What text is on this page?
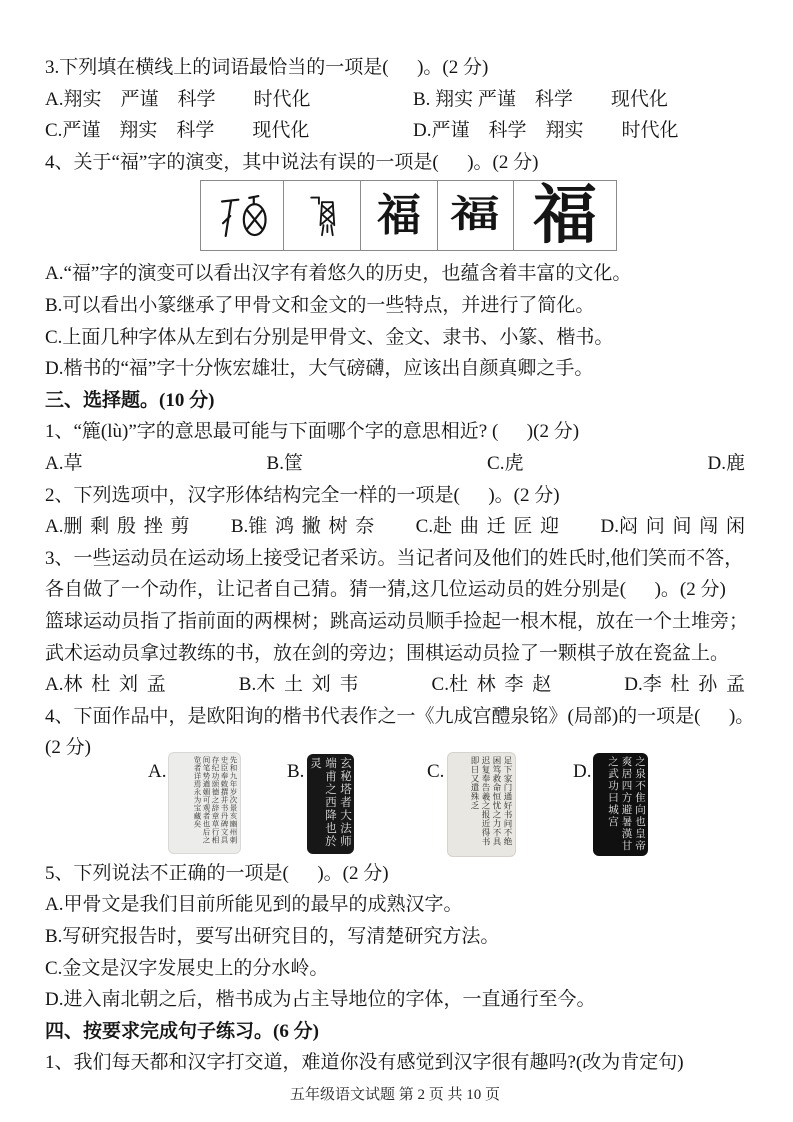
3.下列填在横线上的词语最恰当的一项是(      )。(2 分)
A.翔实　严谨　科学　　时代化	B. 翔实 严谨　科学　　现代化
C.严谨　翔实　科学　　现代化	D.严谨　科学　翔实　　时代化
4、关于“福”字的演变，其中说法有误的一项是(      )。(2 分)
福 福 福
A.“福”字的演变可以看出汉字有着悠久的历史，也蕴含着丰富的文化。
B.可以看出小篆继承了甲骨文和金文的一些特点，并进行了简化。
C.上面几种字体从左到右分别是甲骨文、金文、隶书、小篆、楷书。
D.楷书的“福”字十分恢宏雄壮，大气磅礴，应该出自颜真卿之手。
三、选择题。(10 分)
1、“簏(lù)”字的意思最可能与下面哪个字的意思相近? (      )(2 分)
A.草	B.筐	C.虎	D.鹿
2、下列选项中，汉字形体结构完全一样的一项是(      )。(2 分)
A.删 剩 殷 挫 剪 B.锥 鸿 撇 树 奈 C.赴 曲 迁 匠 迎 D.闷 问 间 闯 闲
3、一些运动员在运动场上接受记者采访。当记者问及他们的姓氏时,他们笑而不答，
各自做了一个动作，让记者自己猜。猜一猜,这几位运动员的姓分别是(      )。(2 分)
篮球运动员指了指前面的两棵树；跳高运动员顺手捡起一根木棍，放在一个土堆旁；
武术运动员拿过教练的书，放在剑的旁边；围棋运动员捡了一颗棋子放在瓷盆上。
A.林 杜 刘 孟	B.木 土 刘 韦	C.杜 林 李 赵	D.李 杜 孙 孟
4、下面作品中，是欧阳询的楷书代表作之一《九成宫醴泉铭》(局部)的一项是(      )。
(2 分)
A.	先和九年岁次景亥豳州刺史臣奉敕撰并书丹碑文具存纪功颂德之辞章草行相间笔势遒媚可观者也后之览者详焉永为宝藏矣	B.	玄秘塔者大法师端甫之西降也於灵	C.	足下家门通好书问不绝困笃救命恒忧之力不具迟复奉告羲之报近得书即日又遣殊乏	D.	之泉不隹向也皇帝爽居四方避暑漢甘之武功曰城宫
5、下列说法不正确的一项是(      )。(2 分)
A.甲骨文是我们目前所能见到的最早的成熟汉字。
B.写研究报告时，要写出研究目的，写清楚研究方法。
C.金文是汉字发展史上的分水岭。
D.进入南北朝之后，楷书成为占主导地位的字体，一直通行至今。
四、按要求完成句子练习。(6 分)
1、我们每天都和汉字打交道，难道你没有感觉到汉字很有趣吗?(改为肯定句)
五年级语文试题 第 2 页 共 10 页
